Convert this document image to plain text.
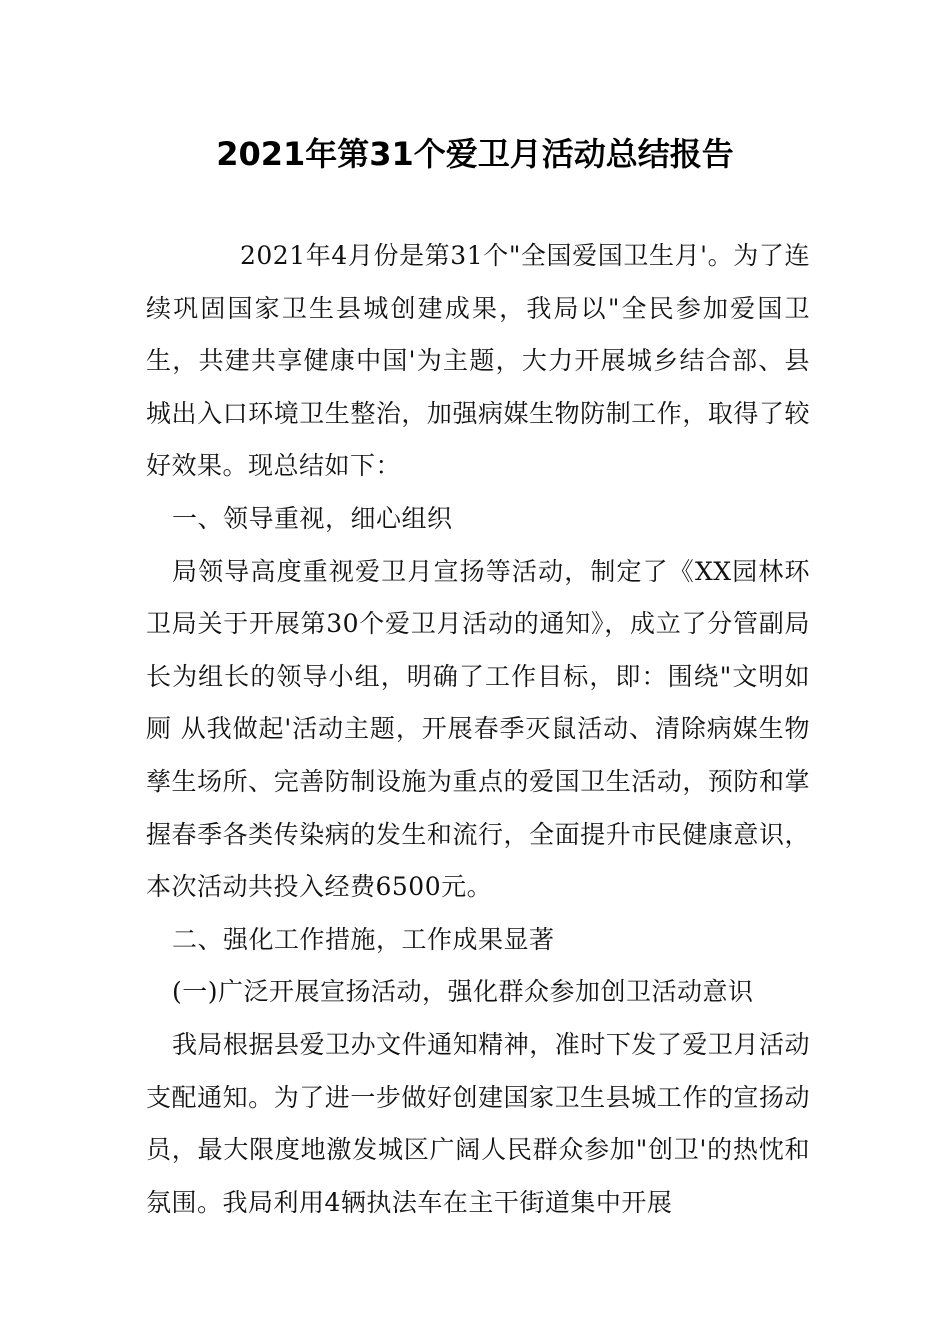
2021年第31个爱卫月活动总结报告

2021年4月份是第31个"全国爱国卫生月'。为了连续巩固国家卫生县城创建成果，我局以"全民参加爱国卫生，共建共享健康中国'为主题，大力开展城乡结合部、县城出入口环境卫生整治，加强病媒生物防制工作，取得了较好效果。现总结如下：

一、领导重视，细心组织

局领导高度重视爱卫月宣扬等活动，制定了《XX园林环卫局关于开展第30个爱卫月活动的通知》，成立了分管副局长为组长的领导小组，明确了工作目标，即：围绕"文明如厕 从我做起'活动主题，开展春季灭鼠活动、清除病媒生物孳生场所、完善防制设施为重点的爱国卫生活动，预防和掌握春季各类传染病的发生和流行，全面提升市民健康意识，本次活动共投入经费6500元。

二、强化工作措施，工作成果显著

(一)广泛开展宣扬活动，强化群众参加创卫活动意识

我局根据县爱卫办文件通知精神，准时下发了爱卫月活动支配通知。为了进一步做好创建国家卫生县城工作的宣扬动员，最大限度地激发城区广阔人民群众参加"创卫'的热忱和氛围。我局利用4辆执法车在主干街道集中开展
